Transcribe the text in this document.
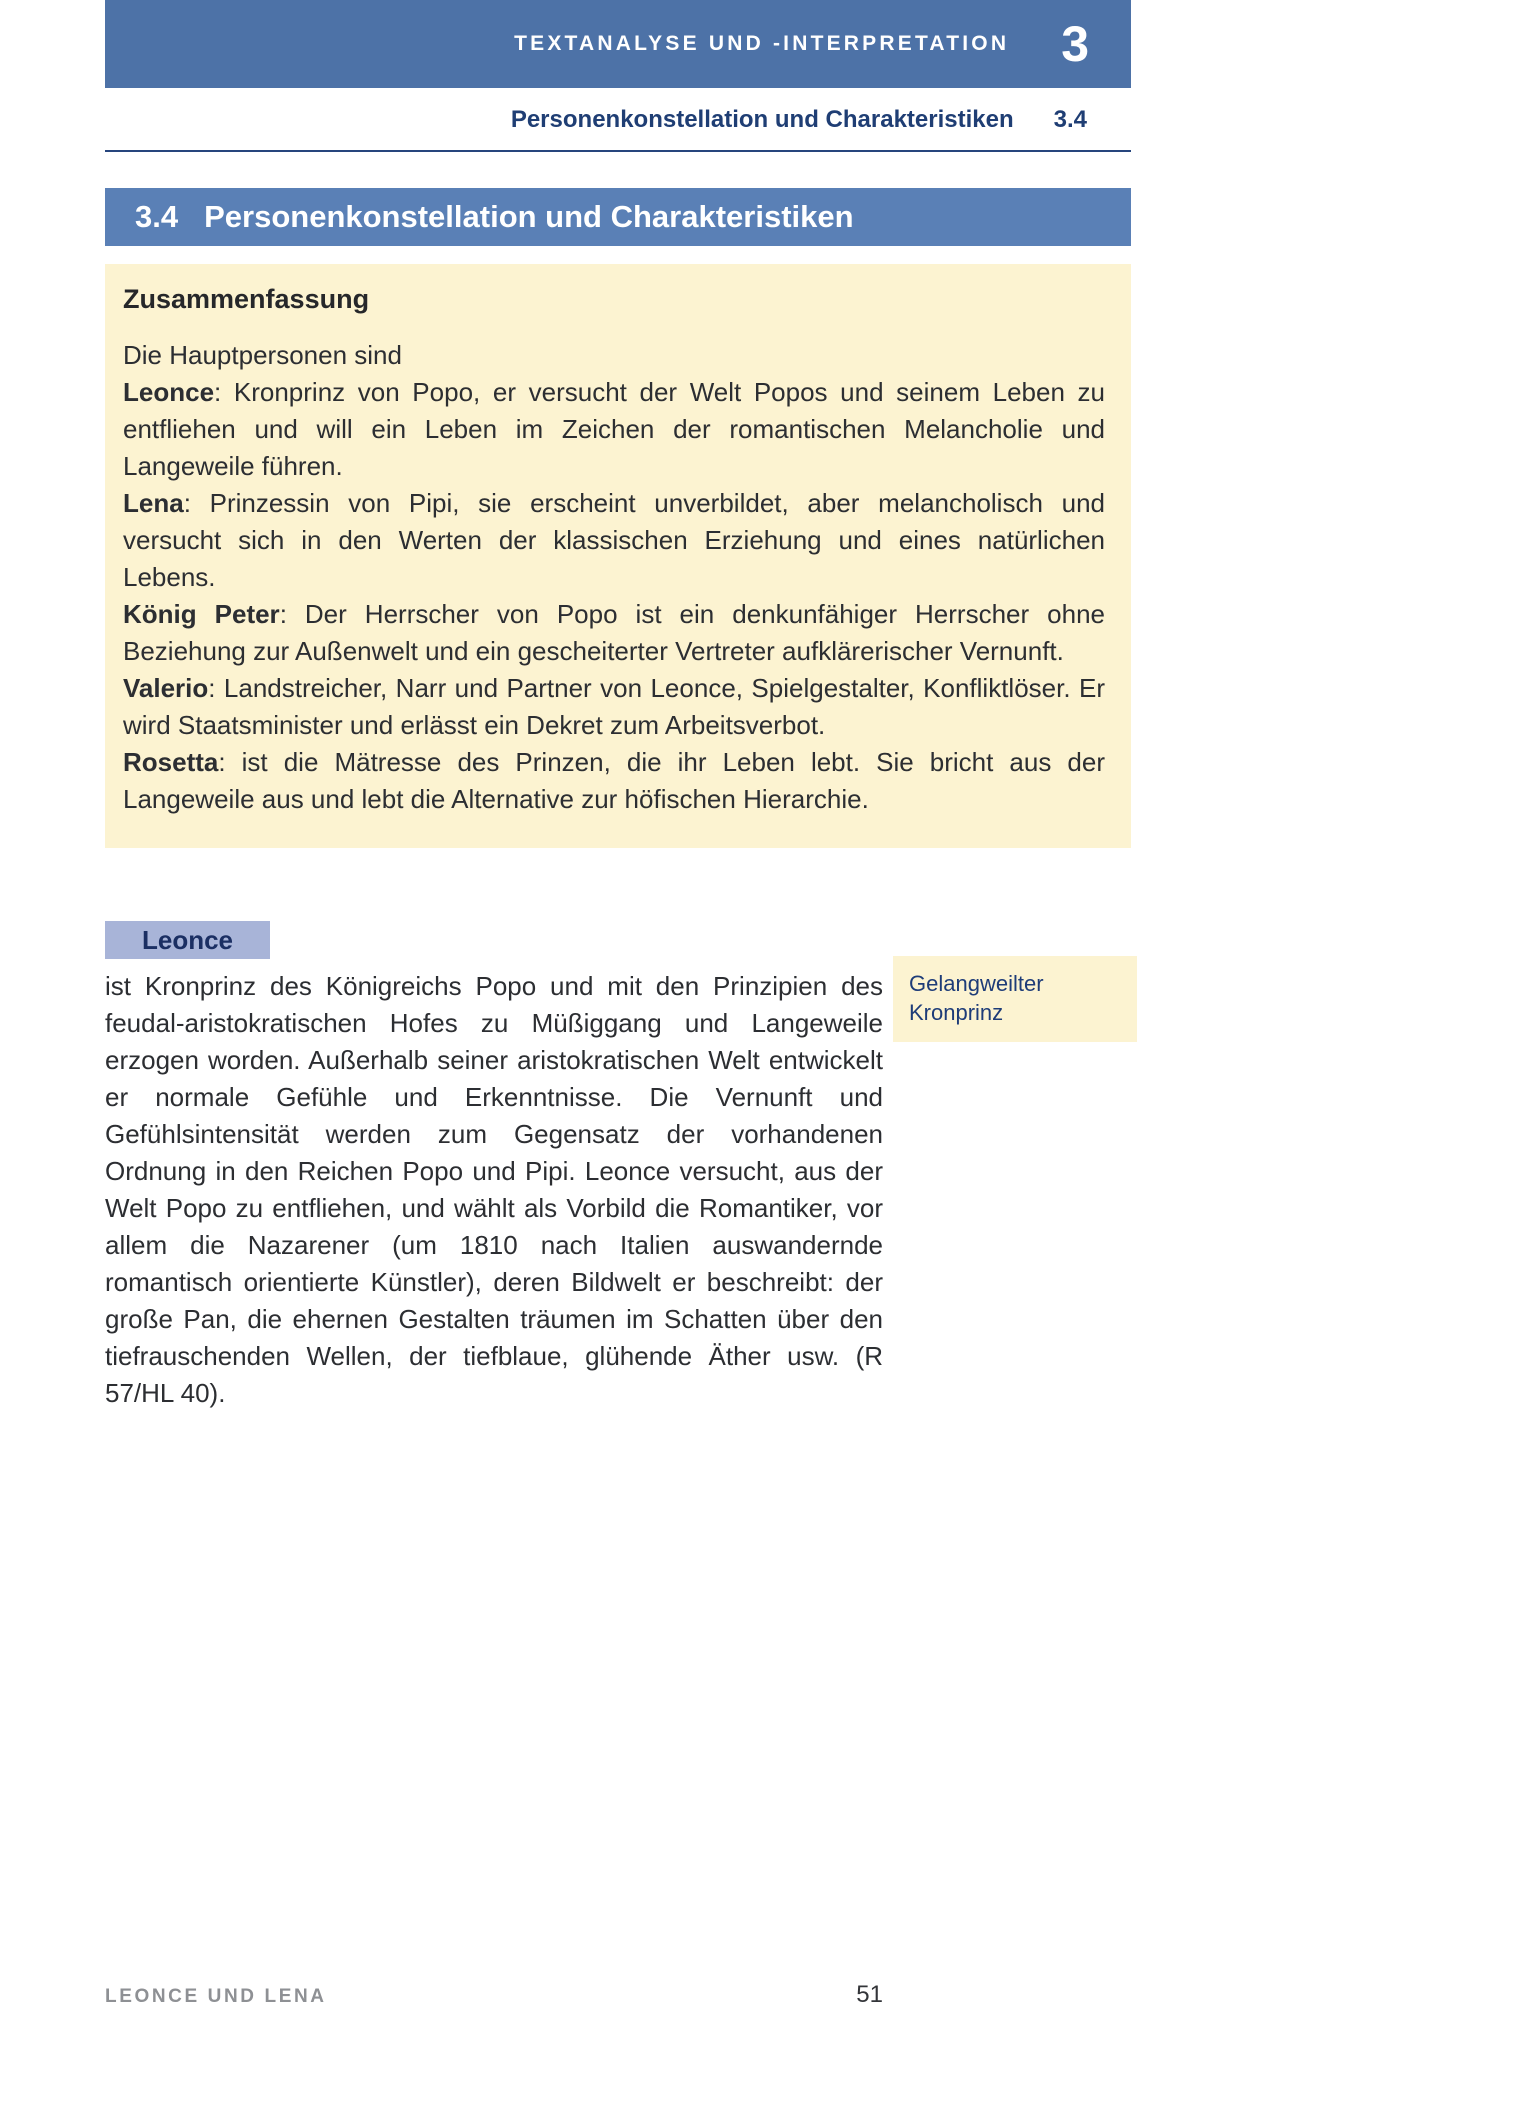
TEXTANALYSE UND -INTERPRETATION 3
Personenkonstellation und Charakteristiken 3.4
3.4 Personenkonstellation und Charakteristiken
Zusammenfassung

Die Hauptpersonen sind

Leonce: Kronprinz von Popo, er versucht der Welt Popos und seinem Leben zu entfliehen und will ein Leben im Zeichen der romantischen Melancholie und Langeweile führen.

Lena: Prinzessin von Pipi, sie erscheint unverbildet, aber melancholisch und versucht sich in den Werten der klassischen Erziehung und eines natürlichen Lebens.

König Peter: Der Herrscher von Popo ist ein denkunfähiger Herrscher ohne Beziehung zur Außenwelt und ein gescheiterter Vertreter aufklärerischer Vernunft.

Valerio: Landstreicher, Narr und Partner von Leonce, Spielgestalter, Konfliktlöser. Er wird Staatsminister und erlässt ein Dekret zum Arbeitsverbot.

Rosetta: ist die Mätresse des Prinzen, die ihr Leben lebt. Sie bricht aus der Langeweile aus und lebt die Alternative zur höfischen Hierarchie.

Leonce

ist Kronprinz des Königreichs Popo und mit den Prinzipien des feudal-aristokratischen Hofes zu Müßiggang und Langeweile erzogen worden. Außerhalb seiner aristokratischen Welt entwickelt er normale Gefühle und Erkenntnisse. Die Vernunft und Gefühlsintensität werden zum Gegensatz der vorhandenen Ordnung in den Reichen Popo und Pipi. Leonce versucht, aus der Welt Popo zu entfliehen, und wählt als Vorbild die Romantiker, vor allem die Nazarener (um 1810 nach Italien auswandernde romantisch orientierte Künstler), deren Bildwelt er beschreibt: der große Pan, die ehernen Gestalten träumen im Schatten über den tiefrauschenden Wellen, der tiefblaue, glühende Äther usw. (R 57/HL 40).

Gelangweilter Kronprinz
LEONCE UND LENA	51
